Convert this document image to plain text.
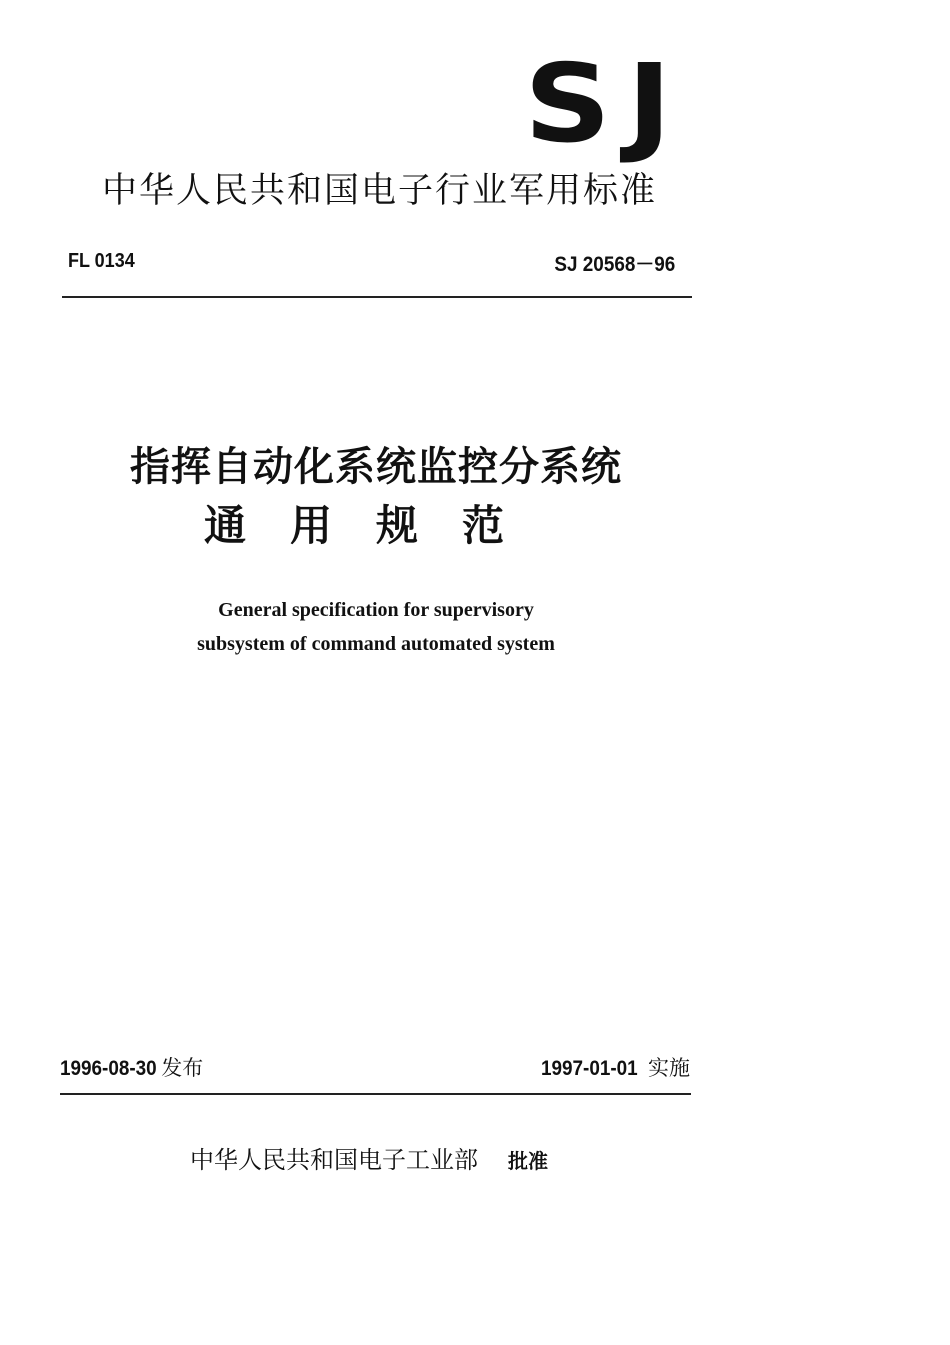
SJ
中华人民共和国电子行业军用标准
FL 0134	SJ 20568－96
指挥自动化系统监控分系统
通用规范
General specification for supervisory
subsystem of command automated system
1996-08-30 发布	1997-01-01 实施
中华人民共和国电子工业部 批准
